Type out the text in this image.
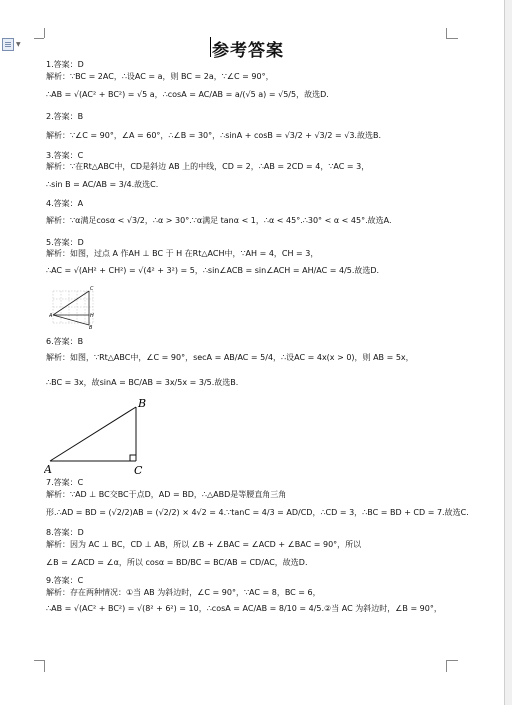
▼	参考答案
1.答案：D
解析：∵BC = 2AC，∴设AC = a，则 BC = 2a，∵∠C = 90°，
∴AB = √(AC² + BC²) = √5 a，∴cosA = AC/AB = a/(√5 a) = √5/5，故选D.
2.答案：B
解析：∵∠C = 90°，∠A = 60°，∴∠B = 30°，∴sinA + cosB = √3/2 + √3/2 = √3.故选B.
3.答案：C
解析：∵在Rt△ABC中，CD是斜边 AB 上的中线，CD = 2，∴AB = 2CD = 4，∵AC = 3，
∴sin B = AC/AB = 3/4.故选C.
4.答案：A
解析：∵α满足cosα < √3/2，∴α > 30°.∵α满足 tanα < 1，∴α < 45°.∴30° < α < 45°.故选A.
5.答案：D
解析：如图，过点 A 作AH ⊥ BC 于 H 在Rt△ACH中，∵AH = 4，CH = 3，
∴AC = √(AH² + CH²) = √(4² + 3²) = 5，∴sin∠ACB = sin∠ACH = AH/AC = 4/5.故选D.
A
C
H
B
6.答案：B
解析：如图，∵Rt△ABC中，∠C = 90°，secA = AB/AC = 5/4，∴设AC = 4x(x > 0)，则 AB = 5x，
∴BC = 3x，故sinA = BC/AB = 3x/5x = 3/5.故选B.
A
B
C
7.答案：C
解析：∵AD ⊥ BC交BC于点D，AD = BD，∴△ABD是等腰直角三角
形.∴AD = BD = (√2/2)AB = (√2/2) × 4√2 = 4.∵tanC = 4/3 = AD/CD，∴CD = 3，∴BC = BD + CD = 7.故选C.
8.答案：D
解析：因为 AC ⊥ BC，CD ⊥ AB，所以 ∠B + ∠BAC = ∠ACD + ∠BAC = 90°，所以
∠B = ∠ACD = ∠α，所以 cosα = BD/BC = BC/AB = CD/AC，故选D.
9.答案：C
解析：存在两种情况：①当 AB 为斜边时，∠C = 90°，∵AC = 8，BC = 6，
∴AB = √(AC² + BC²) = √(8² + 6²) = 10，∴cosA = AC/AB = 8/10 = 4/5.②当 AC 为斜边时，∠B = 90°，
